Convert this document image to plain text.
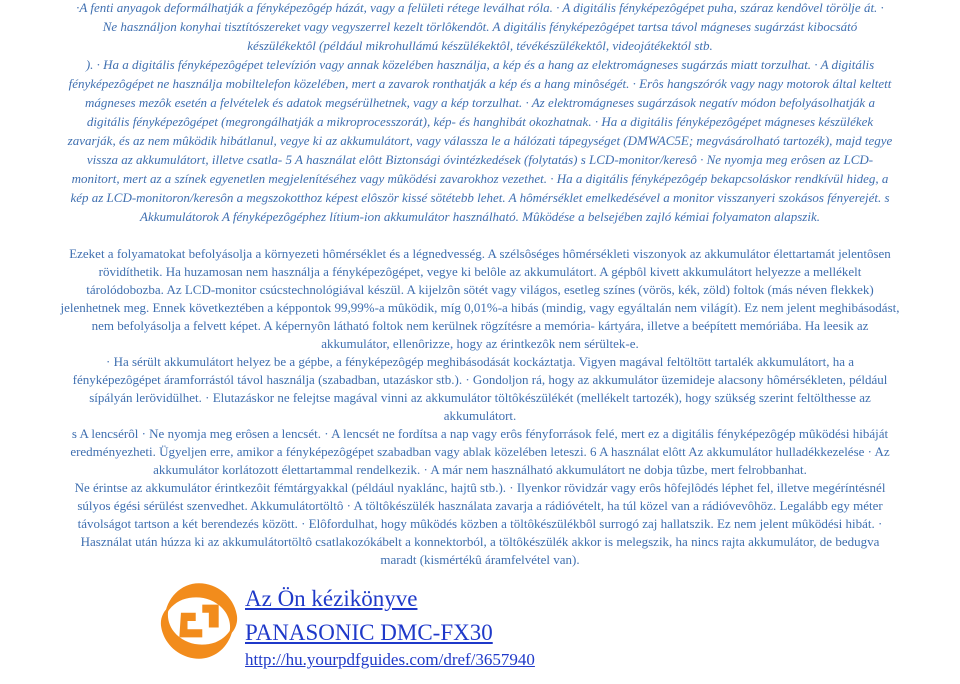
·A fenti anyagok deformálhatják a fényképezôgép házát, vagy a felületi rétege leválhat róla. · A digitális fényképezôgépet puha, száraz kendôvel törölje át. ·
Ne használjon konyhai tisztítószereket vagy vegyszerrel kezelt törlôkendôt. A digitális fényképezôgépet tartsa távol mágneses sugárzást kibocsátó
készülékektôl (például mikrohullámú készülékektôl, tévékészülékektôl, videojátékektól stb.
). · Ha a digitális fényképezôgépet televízión vagy annak közelében használja, a kép és a hang az elektromágneses sugárzás miatt torzulhat. · A digitális
fényképezôgépet ne használja mobiltelefon közelében, mert a zavarok ronthatják a kép és a hang minôségét. · Erôs hangszórók vagy nagy motorok által keltett
mágneses mezôk esetén a felvételek és adatok megsérülhetnek, vagy a kép torzulhat. · Az elektromágneses sugárzások negatív módon befolyásolhatják a
digitális fényképezôgépet (megrongálhatják a mikroprocesszorát), kép- és hanghibát okozhatnak. · Ha a digitális fényképezôgépet mágneses készülékek
zavarják, és az nem mûködik hibátlanul, vegye ki az akkumulátort, vagy válassza le a hálózati tápegységet (DMWAC5E; megvásárolható tartozék), majd tegye
vissza az akkumulátort, illetve csatla- 5 A használat elôtt Biztonsági óvintézkedések (folytatás) s LCD-monitor/keresô · Ne nyomja meg erôsen az LCD-
monitort, mert az a színek egyenetlen megjelenítéséhez vagy mûködési zavarokhoz vezethet. · Ha a digitális fényképezôgép bekapcsoláskor rendkívül hideg, a
kép az LCD-monitoron/keresôn a megszokotthoz képest elôször kissé sötétebb lehet. A hômérséklet emelkedésével a monitor visszanyeri szokásos fényerejét. s
Akkumulátorok A fényképezôgéphez lítium-ion akkumulátor használható. Mûködése a belsejében zajló kémiai folyamaton alapszik.
Ezeket a folyamatokat befolyásolja a környezeti hômérséklet és a légnedvesség. A szélsôséges hômérsékleti viszonyok az akkumulátor élettartamát jelentôsen
rövidíthetik. Ha huzamosan nem használja a fényképezôgépet, vegye ki belôle az akkumulátort. A gépbôl kivett akkumulátort helyezze a mellékelt
tárolódobozba. Az LCD-monitor csúcstechnológiával készül. A kijelzôn sötét vagy világos, esetleg színes (vörös, kék, zöld) foltok (más néven flekkek)
jelenhetnek meg. Ennek következtében a képpontok 99,99%-a mûködik, míg 0,01%-a hibás (mindig, vagy egyáltalán nem világít). Ez nem jelent meghibásodást,
nem befolyásolja a felvett képet. A képernyôn látható foltok nem kerülnek rögzítésre a memória- kártyára, illetve a beépített memóriába. Ha leesik az
akkumulátor, ellenôrizze, hogy az érintkezôk nem sérültek-e.
· Ha sérült akkumulátort helyez be a gépbe, a fényképezôgép meghibásodását kockáztatja. Vigyen magával feltöltött tartalék akkumulátort, ha a
fényképezôgépet áramforrástól távol használja (szabadban, utazáskor stb.). · Gondoljon rá, hogy az akkumulátor üzemideje alacsony hômérsékleten, például
sípályán lerövidülhet. · Elutazáskor ne felejtse magával vinni az akkumulátor töltôkészülékét (mellékelt tartozék), hogy szükség szerint feltölthesse az
akkumulátort.
s A lencsérôl · Ne nyomja meg erôsen a lencsét. · A lencsét ne fordítsa a nap vagy erôs fényforrások felé, mert ez a digitális fényképezôgép mûködési hibáját
eredményezheti. Ügyeljen erre, amikor a fényképezôgépet szabadban vagy ablak közelében leteszi. 6 A használat elôtt Az akkumulátor hulladékkezelése · Az
akkumulátor korlátozott élettartammal rendelkezik. · A már nem használható akkumulátort ne dobja tûzbe, mert felrobbanhat.
Ne érintse az akkumulátor érintkezôit fémtárgyakkal (például nyaklánc, hajtû stb.). · Ilyenkor rövidzár vagy erôs hôfejlôdés léphet fel, illetve megéríntésnél
súlyos égési sérülést szenvedhet. Akkumulátortöltô · A töltôkészülék használata zavarja a rádióvételt, ha túl közel van a rádióvevôhöz. Legalább egy méter
távolságot tartson a két berendezés között. · Elôfordulhat, hogy mûködés közben a töltôkészülékbôl surrogó zaj hallatszik. Ez nem jelent mûködési hibát. ·
Használat után húzza ki az akkumulátortöltô csatlakozókábelt a konnektorból, a töltôkészülék akkor is melegszik, ha nincs rajta akkumulátor, de bedugva
maradt (kismértékû áramfelvétel van).
Az Ön kézikönyve
PANASONIC DMC-FX30
http://hu.yourpdfguides.com/dref/3657940
